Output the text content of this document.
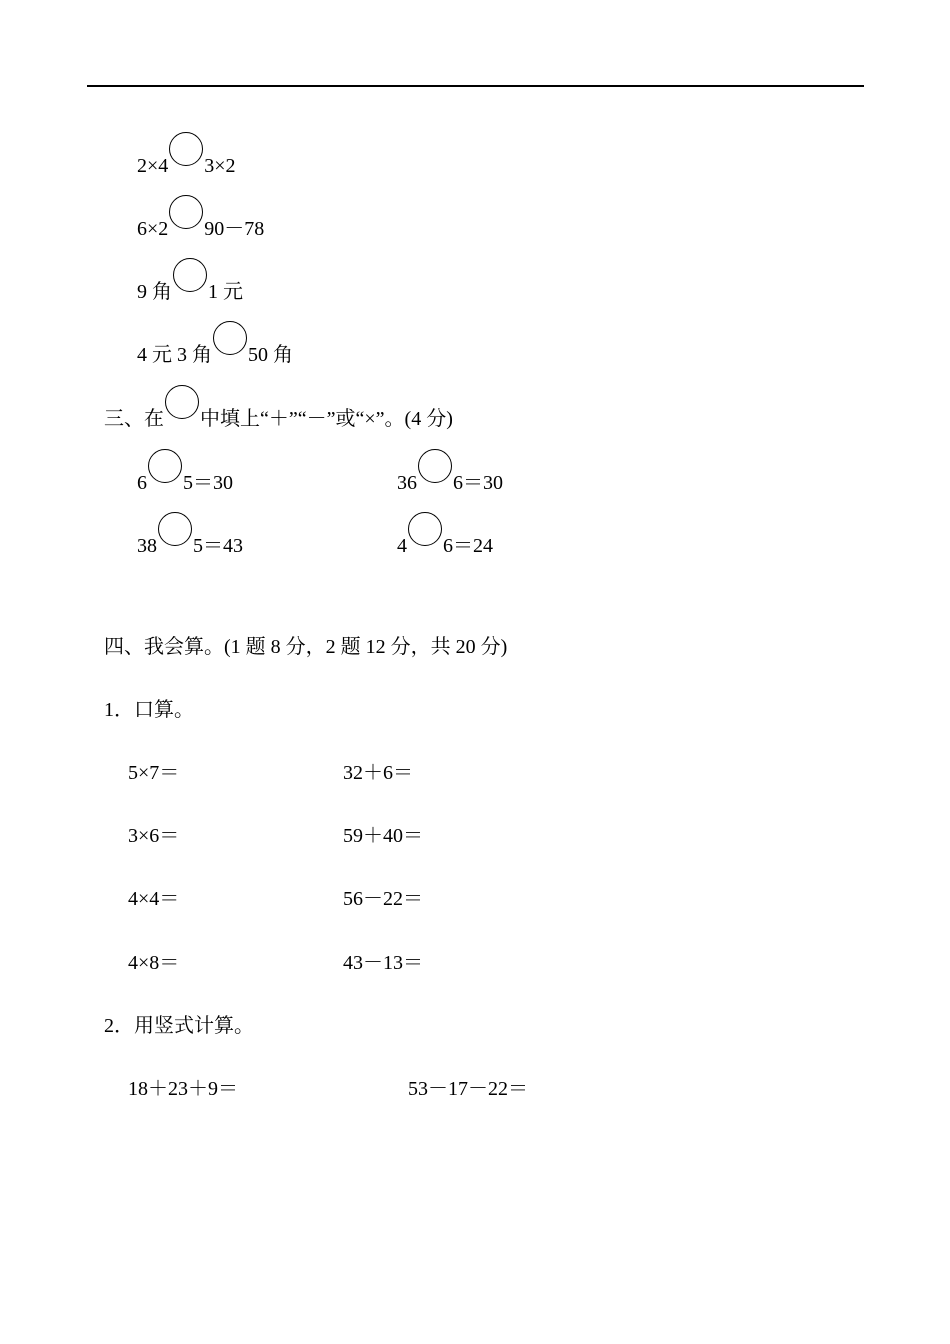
2×4 3×2
6×2 90－78
9 角 1 元
4 元 3 角 50 角
三、在 中填上“＋”“－”或“×”。(4 分)
6 5＝30	36 6＝30
38 5＝43	4 6＝24
四、我会算。(1 题 8 分，2 题 12 分，共 20 分)
1．口算。
5×7＝	32＋6＝
3×6＝	59＋40＝
4×4＝	56－22＝
4×8＝	43－13＝
2．用竖式计算。
18＋23＋9＝	53－17－22＝
